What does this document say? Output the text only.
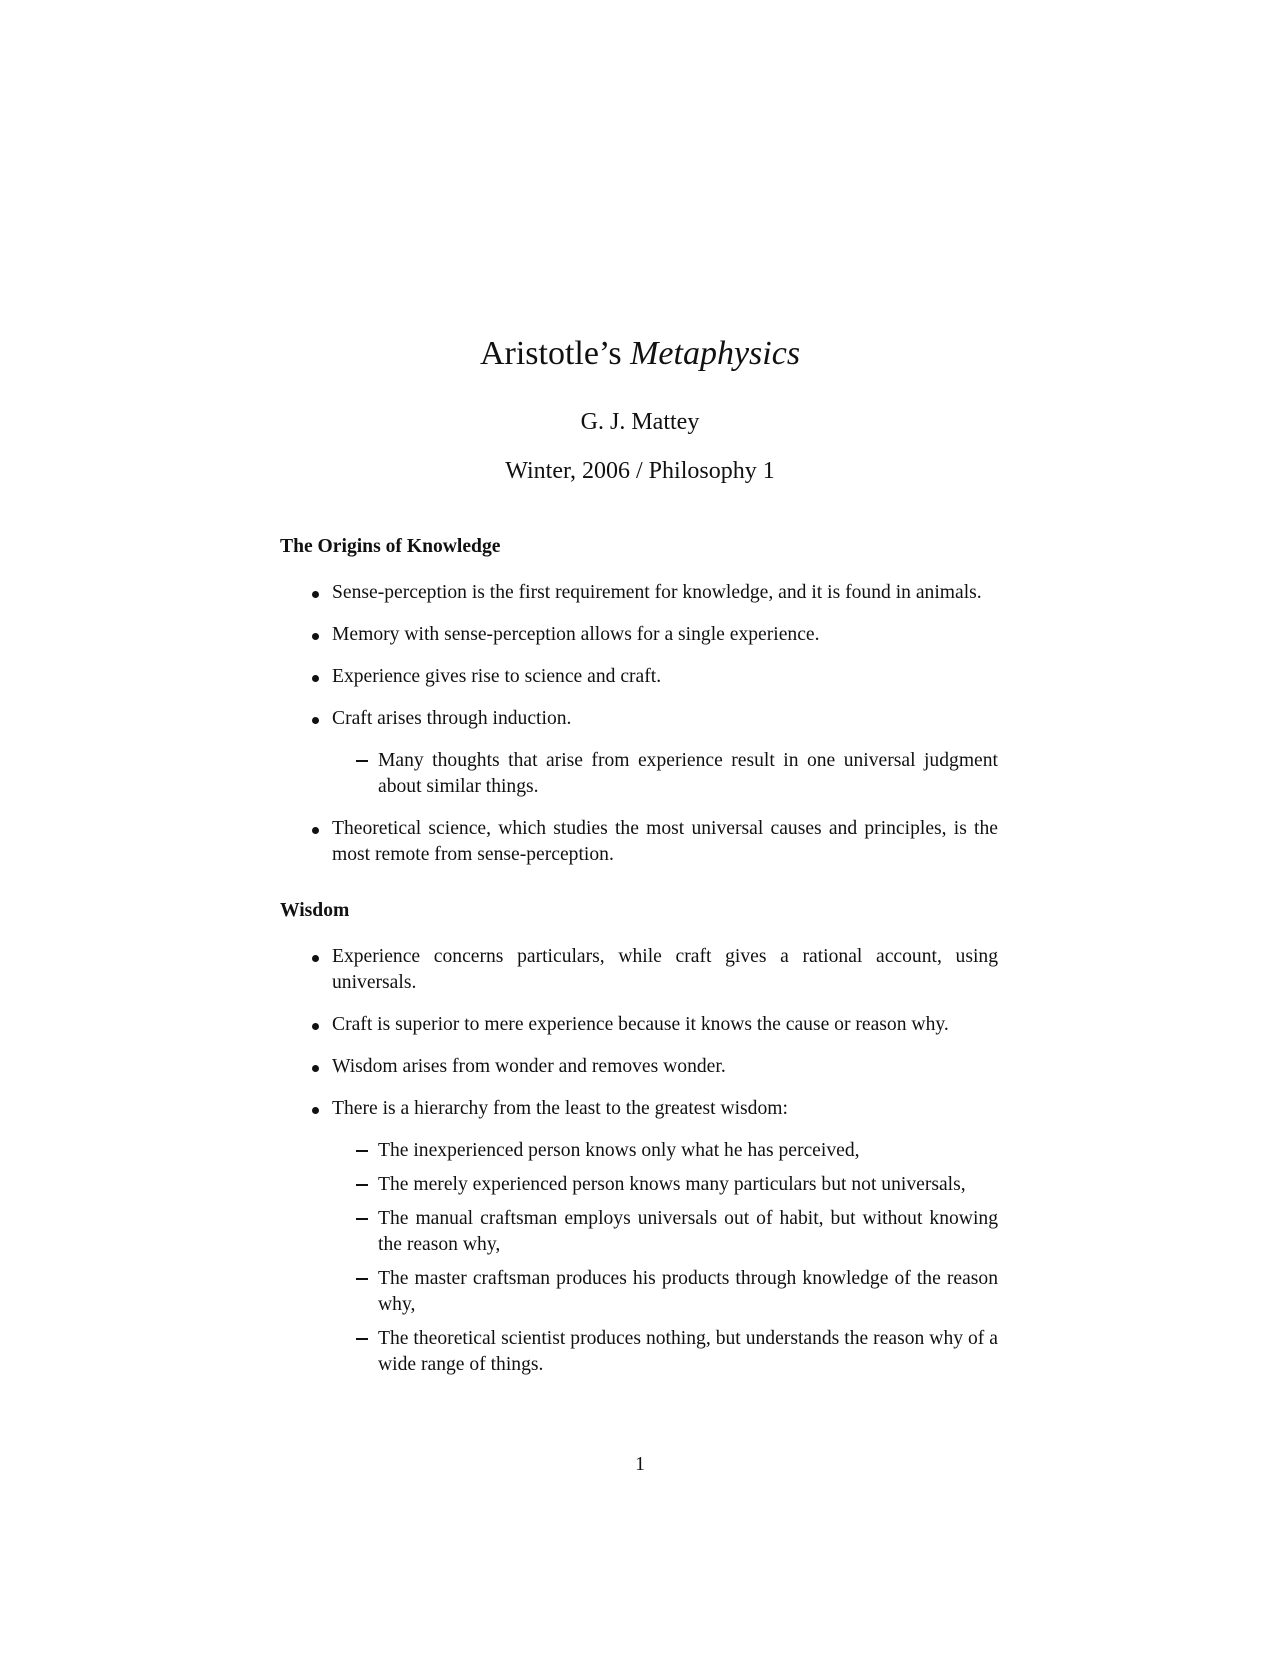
Aristotle’s Metaphysics
G. J. Mattey
Winter, 2006 / Philosophy 1
The Origins of Knowledge
Sense-perception is the first requirement for knowledge, and it is found in animals.
Memory with sense-perception allows for a single experience.
Experience gives rise to science and craft.
Craft arises through induction.
Many thoughts that arise from experience result in one universal judgment about similar things.
Theoretical science, which studies the most universal causes and principles, is the most remote from sense-perception.
Wisdom
Experience concerns particulars, while craft gives a rational account, using universals.
Craft is superior to mere experience because it knows the cause or reason why.
Wisdom arises from wonder and removes wonder.
There is a hierarchy from the least to the greatest wisdom:
The inexperienced person knows only what he has perceived,
The merely experienced person knows many particulars but not universals,
The manual craftsman employs universals out of habit, but without knowing the reason why,
The master craftsman produces his products through knowledge of the reason why,
The theoretical scientist produces nothing, but understands the reason why of a wide range of things.
1
